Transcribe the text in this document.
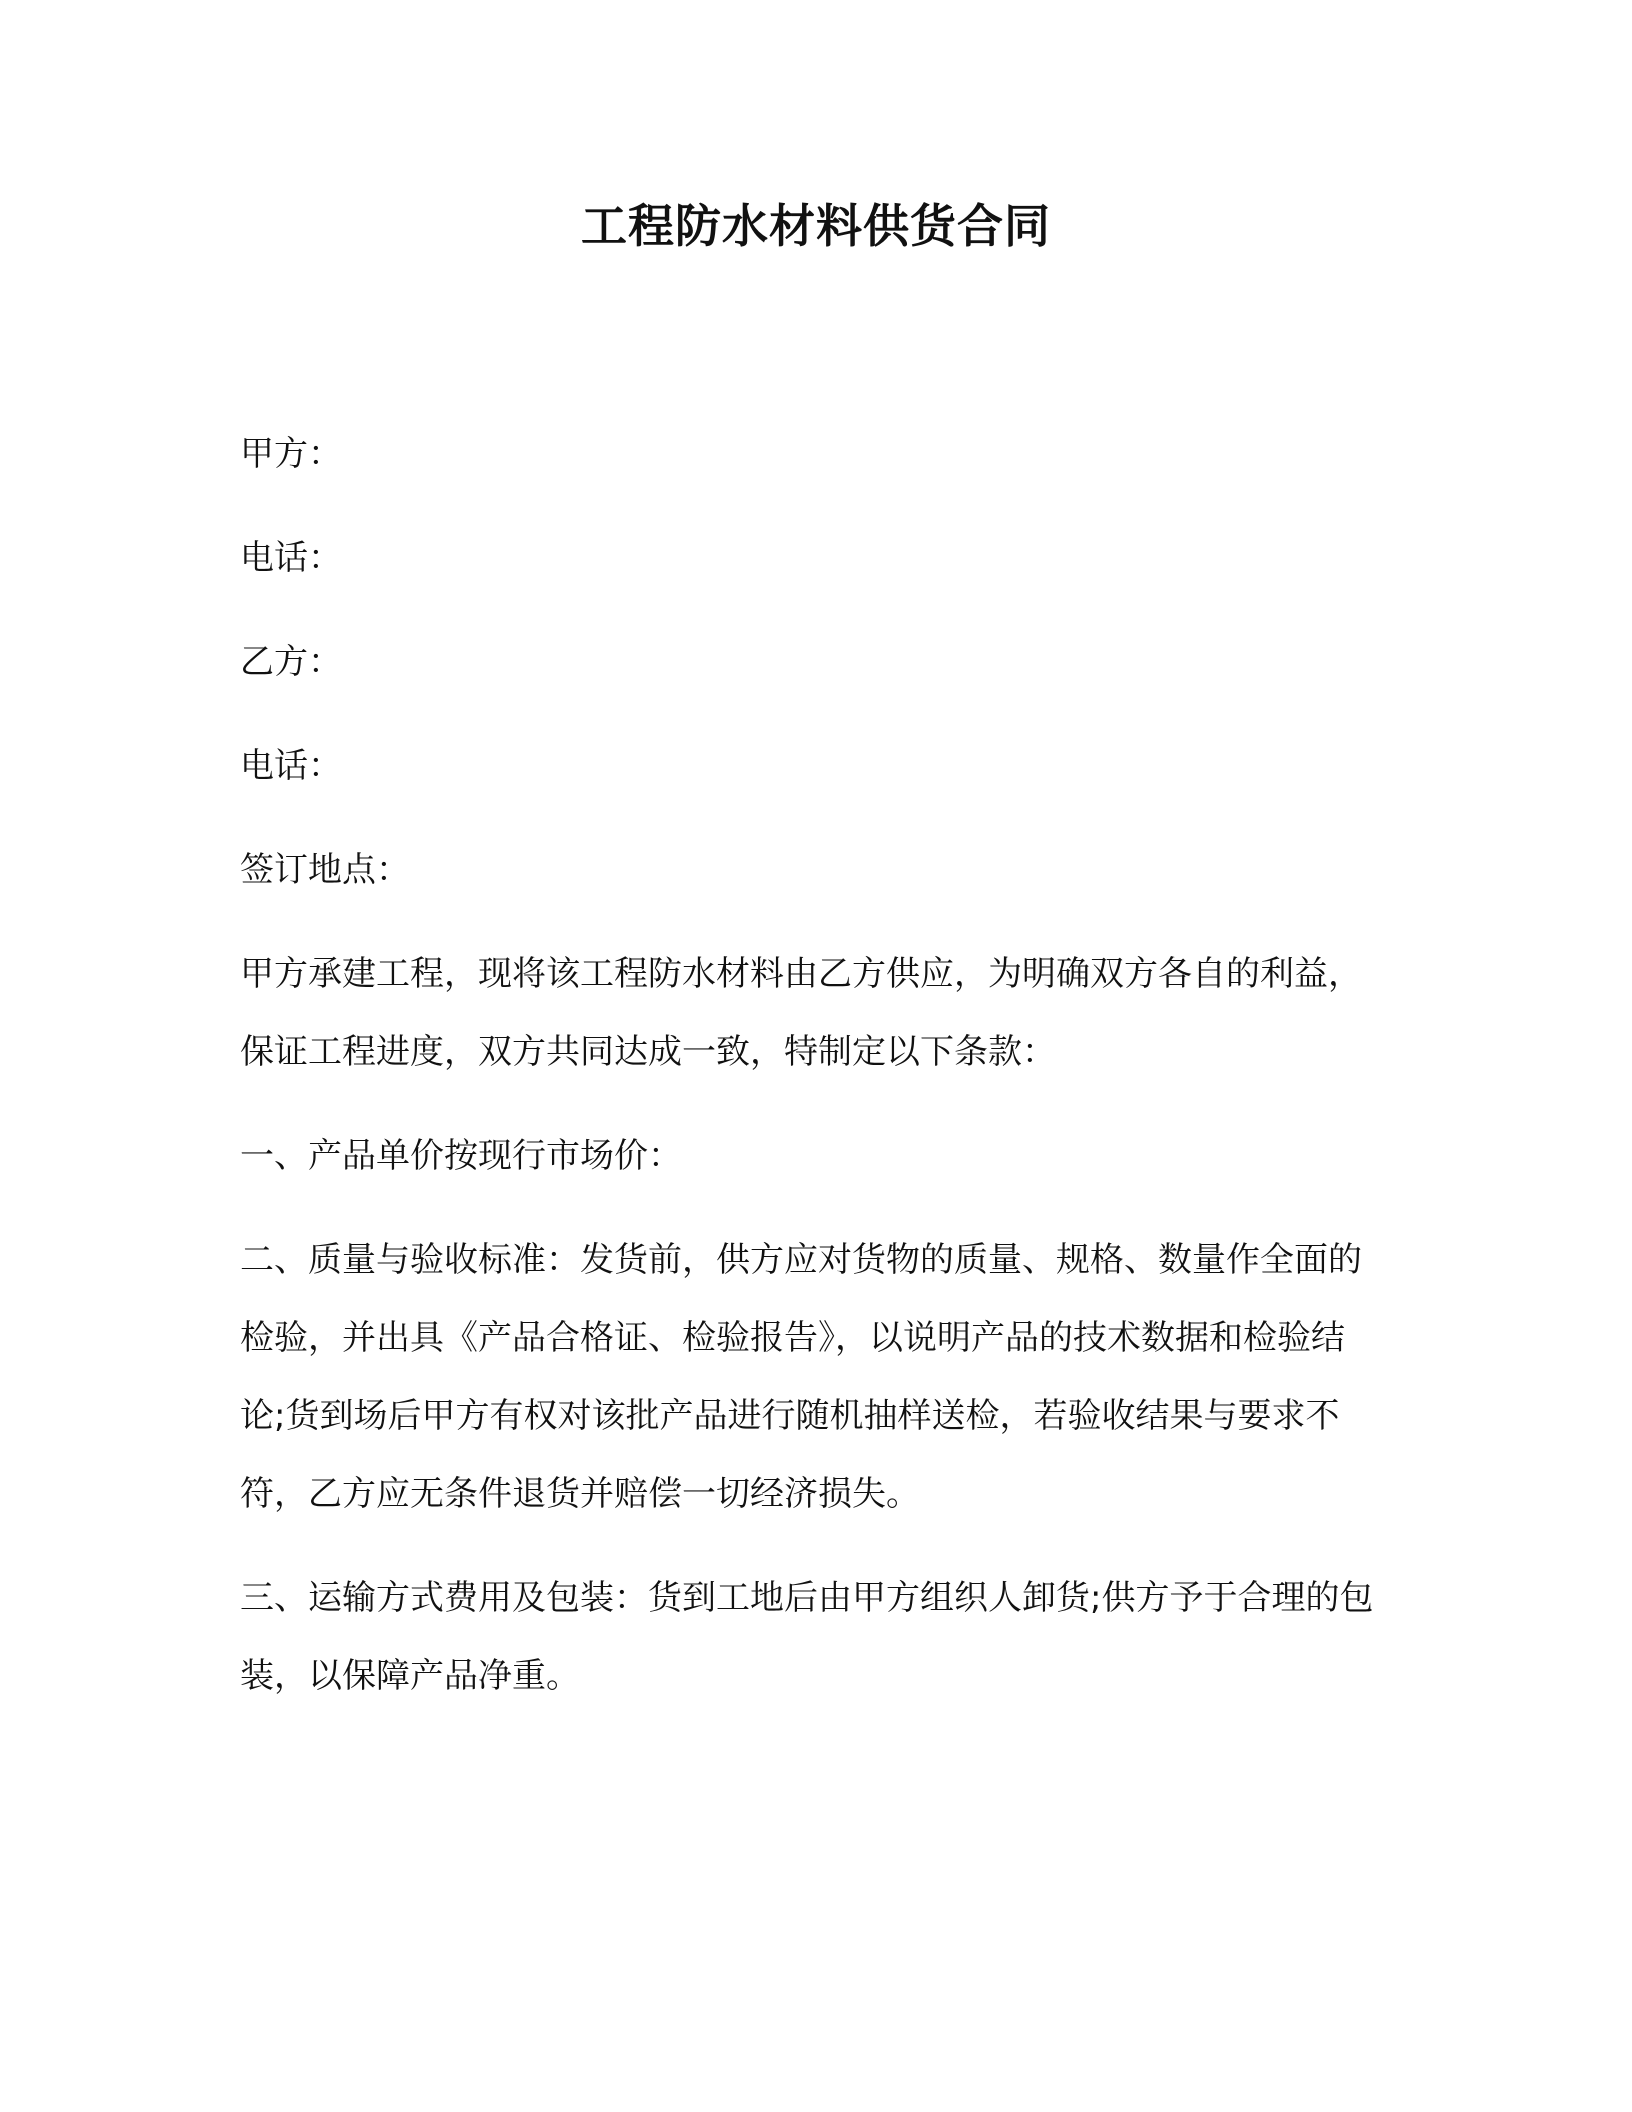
工程防水材料供货合同
甲方：
电话：
乙方：
电话：
签订地点：

甲方承建工程，现将该工程防水材料由乙方供应，为明确双方各自的利益，保证工程进度，双方共同达成一致，特制定以下条款：

一、产品单价按现行市场价：

二、质量与验收标准：发货前，供方应对货物的质量、规格、数量作全面的检验，并出具《产品合格证、检验报告》，以说明产品的技术数据和检验结论;货到场后甲方有权对该批产品进行随机抽样送检，若验收结果与要求不符，乙方应无条件退货并赔偿一切经济损失。

三、运输方式费用及包装：货到工地后由甲方组织人卸货;供方予于合理的包装，以保障产品净重。
